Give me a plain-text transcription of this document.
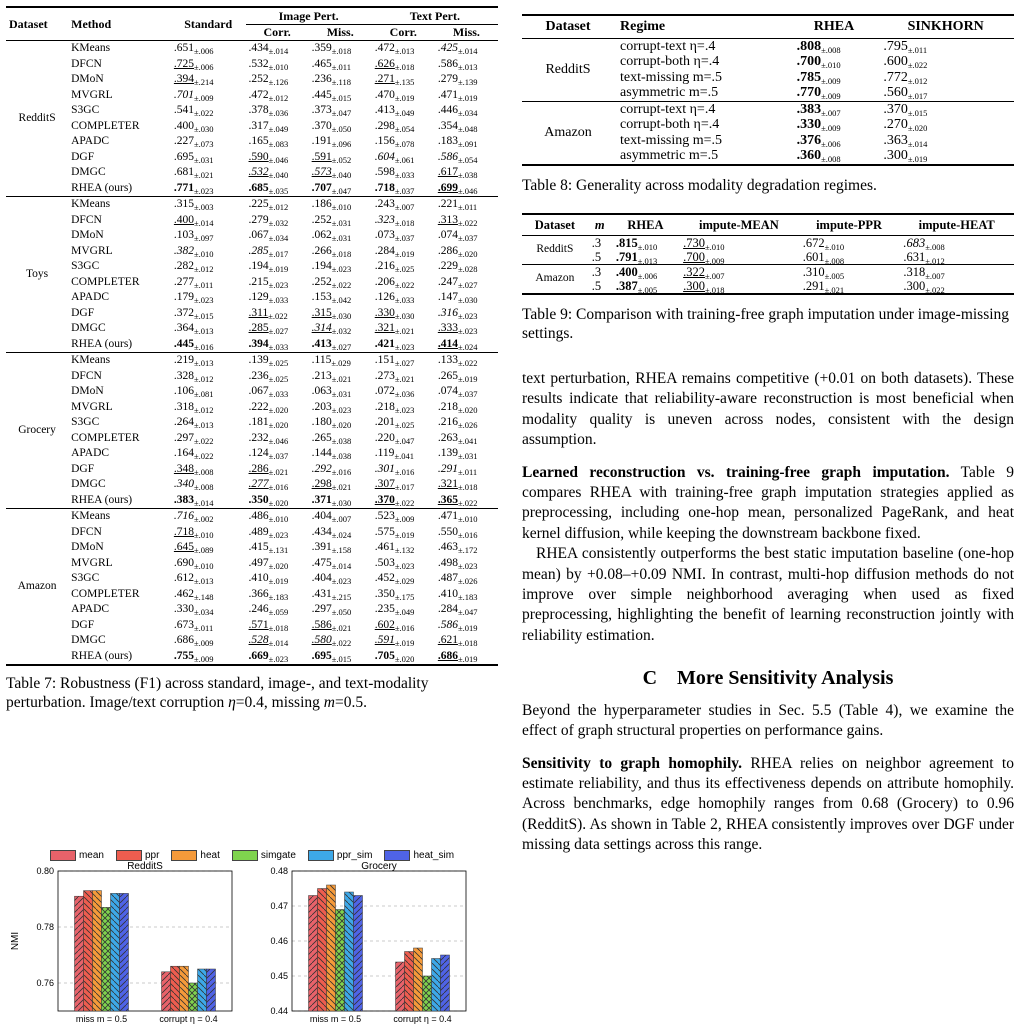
Dataset	Method	Standard	Image Pert.		Text Pert.	
			Corr.	Miss.	Corr.	Miss.
RedditS	KMeans	$.651_{\pm.006}$	$.434_{\pm.014}$	$.359_{\pm.018}$	$.472_{\pm.013}$	$.425_{\pm.014}$
	DFCN	$.725_{\pm.006}$	$.532_{\pm.010}$	$.465_{\pm.011}$	$.626_{\pm.018}$	$.586_{\pm.013}$
	DMoN	$.394_{\pm.214}$	$.252_{\pm.126}$	$.236_{\pm.118}$	$.271_{\pm.135}$	$.279_{\pm.139}$
	MVGRL	$.701_{\pm.009}$	$.472_{\pm.012}$	$.445_{\pm.015}$	$.470_{\pm.019}$	$.471_{\pm.019}$
	S3GC	$.541_{\pm.022}$	$.378_{\pm.036}$	$.373_{\pm.047}$	$.413_{\pm.049}$	$.446_{\pm.034}$
	COMPLETER	$.400_{\pm.030}$	$.317_{\pm.049}$	$.370_{\pm.050}$	$.298_{\pm.054}$	$.354_{\pm.048}$
	APADC	$.227_{\pm.073}$	$.165_{\pm.083}$	$.191_{\pm.096}$	$.156_{\pm.078}$	$.183_{\pm.091}$
	DGF	$.695_{\pm.031}$	$.590_{\pm.046}$	$.591_{\pm.052}$	$.604_{\pm.061}$	$.586_{\pm.054}$
	DMGC	$.681_{\pm.021}$	$.532_{\pm.040}$	$.573_{\pm.040}$	$.598_{\pm.033}$	$.617_{\pm.038}$
	RHEA (ours)	$.771_{\pm.023}$	$.685_{\pm.035}$	$.707_{\pm.047}$	$.718_{\pm.037}$	$.699_{\pm.046}$
Toys	KMeans	$.315_{\pm.003}$	$.225_{\pm.012}$	$.186_{\pm.010}$	$.243_{\pm.007}$	$.221_{\pm.011}$
	DFCN	$.400_{\pm.014}$	$.279_{\pm.032}$	$.252_{\pm.031}$	$.323_{\pm.018}$	$.313_{\pm.022}$
	DMoN	$.103_{\pm.097}$	$.067_{\pm.034}$	$.062_{\pm.031}$	$.073_{\pm.037}$	$.074_{\pm.037}$
	MVGRL	$.382_{\pm.010}$	$.285_{\pm.017}$	$.266_{\pm.018}$	$.284_{\pm.019}$	$.286_{\pm.020}$
	S3GC	$.282_{\pm.012}$	$.194_{\pm.019}$	$.194_{\pm.023}$	$.216_{\pm.025}$	$.229_{\pm.028}$
	COMPLETER	$.277_{\pm.011}$	$.215_{\pm.023}$	$.252_{\pm.022}$	$.206_{\pm.022}$	$.247_{\pm.027}$
	APADC	$.179_{\pm.023}$	$.129_{\pm.033}$	$.153_{\pm.042}$	$.126_{\pm.033}$	$.147_{\pm.030}$
	DGF	$.372_{\pm.015}$	$.311_{\pm.022}$	$.315_{\pm.030}$	$.330_{\pm.030}$	$.316_{\pm.023}$
	DMGC	$.364_{\pm.013}$	$.285_{\pm.027}$	$.314_{\pm.032}$	$.321_{\pm.021}$	$.333_{\pm.023}$
	RHEA (ours)	$.445_{\pm.016}$	$.394_{\pm.033}$	$.413_{\pm.027}$	$.421_{\pm.023}$	$.414_{\pm.024}$
Grocery	KMeans	$.219_{\pm.013}$	$.139_{\pm.025}$	$.115_{\pm.029}$	$.151_{\pm.027}$	$.133_{\pm.022}$
	DFCN	$.328_{\pm.012}$	$.236_{\pm.025}$	$.213_{\pm.021}$	$.273_{\pm.021}$	$.265_{\pm.019}$
	DMoN	$.106_{\pm.081}$	$.067_{\pm.033}$	$.063_{\pm.031}$	$.072_{\pm.036}$	$.074_{\pm.037}$
	MVGRL	$.318_{\pm.012}$	$.222_{\pm.020}$	$.203_{\pm.023}$	$.218_{\pm.023}$	$.218_{\pm.020}$
	S3GC	$.264_{\pm.013}$	$.181_{\pm.020}$	$.180_{\pm.020}$	$.201_{\pm.025}$	$.216_{\pm.026}$
	COMPLETER	$.297_{\pm.022}$	$.232_{\pm.046}$	$.265_{\pm.038}$	$.220_{\pm.047}$	$.263_{\pm.041}$
	APADC	$.164_{\pm.022}$	$.124_{\pm.037}$	$.144_{\pm.038}$	$.119_{\pm.041}$	$.139_{\pm.031}$
	DGF	$.348_{\pm.008}$	$.286_{\pm.021}$	$.292_{\pm.016}$	$.301_{\pm.016}$	$.291_{\pm.011}$
	DMGC	$.340_{\pm.008}$	$.277_{\pm.016}$	$.298_{\pm.021}$	$.307_{\pm.017}$	$.321_{\pm.018}$
	RHEA (ours)	$.383_{\pm.014}$	$.350_{\pm.020}$	$.371_{\pm.030}$	$.370_{\pm.022}$	$.365_{\pm.022}$
Amazon	KMeans	$.716_{\pm.002}$	$.486_{\pm.010}$	$.404_{\pm.007}$	$.523_{\pm.009}$	$.471_{\pm.010}$
	DFCN	$.718_{\pm.010}$	$.489_{\pm.023}$	$.434_{\pm.024}$	$.575_{\pm.019}$	$.550_{\pm.016}$
	DMoN	$.645_{\pm.089}$	$.415_{\pm.131}$	$.391_{\pm.158}$	$.461_{\pm.132}$	$.463_{\pm.172}$
	MVGRL	$.690_{\pm.010}$	$.497_{\pm.020}$	$.475_{\pm.014}$	$.503_{\pm.023}$	$.498_{\pm.023}$
	S3GC	$.612_{\pm.013}$	$.410_{\pm.019}$	$.404_{\pm.023}$	$.452_{\pm.029}$	$.487_{\pm.026}$
	COMPLETER	$.462_{\pm.148}$	$.366_{\pm.183}$	$.431_{\pm.215}$	$.350_{\pm.175}$	$.410_{\pm.183}$
	APADC	$.330_{\pm.034}$	$.246_{\pm.059}$	$.297_{\pm.050}$	$.235_{\pm.049}$	$.284_{\pm.047}$
	DGF	$.673_{\pm.011}$	$.571_{\pm.018}$	$.586_{\pm.021}$	$.602_{\pm.016}$	$.586_{\pm.019}$
	DMGC	$.686_{\pm.009}$	$.528_{\pm.014}$	$.580_{\pm.022}$	$.591_{\pm.019}$	$.621_{\pm.018}$
	RHEA (ours)	$.755_{\pm.009}$	$.669_{\pm.023}$	$.695_{\pm.015}$	$.705_{\pm.020}$	$.686_{\pm.019}$
Table 7: Robustness (F1) across standard, image-, and text-modality perturbation. Image/text corruption η=0.4, missing m=0.5.
mean	ppr	heat	simgate	ppr_sim	heat_sim
RedditS
0.76
0.78
0.80
NMI
miss m = 0.5	corrupt η = 0.4
Grocery
0.44
0.45
0.46
0.47
0.48
miss m = 0.5	corrupt η = 0.4
Dataset	Regime	RHEA	SINKHORN
RedditS	corrupt-text η=.4	$.808_{\pm.008}$	$.795_{\pm.011}$
	corrupt-both η=.4	$.700_{\pm.010}$	$.600_{\pm.022}$
	text-missing m=.5	$.785_{\pm.009}$	$.772_{\pm.012}$
	asymmetric m=.5	$.770_{\pm.009}$	$.560_{\pm.017}$
Amazon	corrupt-text η=.4	$.383_{\pm.007}$	$.370_{\pm.015}$
	corrupt-both η=.4	$.330_{\pm.009}$	$.270_{\pm.020}$
	text-missing m=.5	$.376_{\pm.006}$	$.363_{\pm.014}$
	asymmetric m=.5	$.360_{\pm.008}$	$.300_{\pm.019}$
Table 8: Generality across modality degradation regimes.
Dataset	m	RHEA	impute-MEAN	impute-PPR	impute-HEAT
RedditS	.3	$.815_{\pm.010}$	$.730_{\pm.010}$	$.672_{\pm.010}$	$.683_{\pm.008}$
	.5	$.791_{\pm.013}$	$.700_{\pm.009}$	$.601_{\pm.008}$	$.631_{\pm.012}$
Amazon	.3	$.400_{\pm.006}$	$.322_{\pm.007}$	$.310_{\pm.005}$	$.318_{\pm.007}$
	.5	$.387_{\pm.005}$	$.300_{\pm.018}$	$.291_{\pm.021}$	$.300_{\pm.022}$
Table 9: Comparison with training-free graph imputation under image-missing settings.

text perturbation, RHEA remains competitive (+0.01 on both datasets). These results indicate that reliability-aware reconstruction is most beneficial when modality quality is uneven across nodes, consistent with the design assumption.

Learned reconstruction vs. training-free graph imputation. Table 9 compares RHEA with training-free graph imputation strategies applied as preprocessing, including one-hop mean, personalized PageRank, and heat kernel diffusion, while keeping the downstream backbone fixed.

RHEA consistently outperforms the best static imputation baseline (one-hop mean) by +0.08–+0.09 NMI. In contrast, multi-hop diffusion methods do not improve over simple neighborhood averaging when used as fixed preprocessing, highlighting the benefit of learning reconstruction jointly with reliability estimation.

C    More Sensitivity Analysis

Beyond the hyperparameter studies in Sec. 5.5 (Table 4), we examine the effect of graph structural properties on performance gains.

Sensitivity to graph homophily. RHEA relies on neighbor agreement to estimate reliability, and thus its effectiveness depends on attribute homophily. Across benchmarks, edge homophily ranges from 0.68 (Grocery) to 0.96 (RedditS). As shown in Table 2, RHEA consistently improves over DGF under missing data settings across this range.
